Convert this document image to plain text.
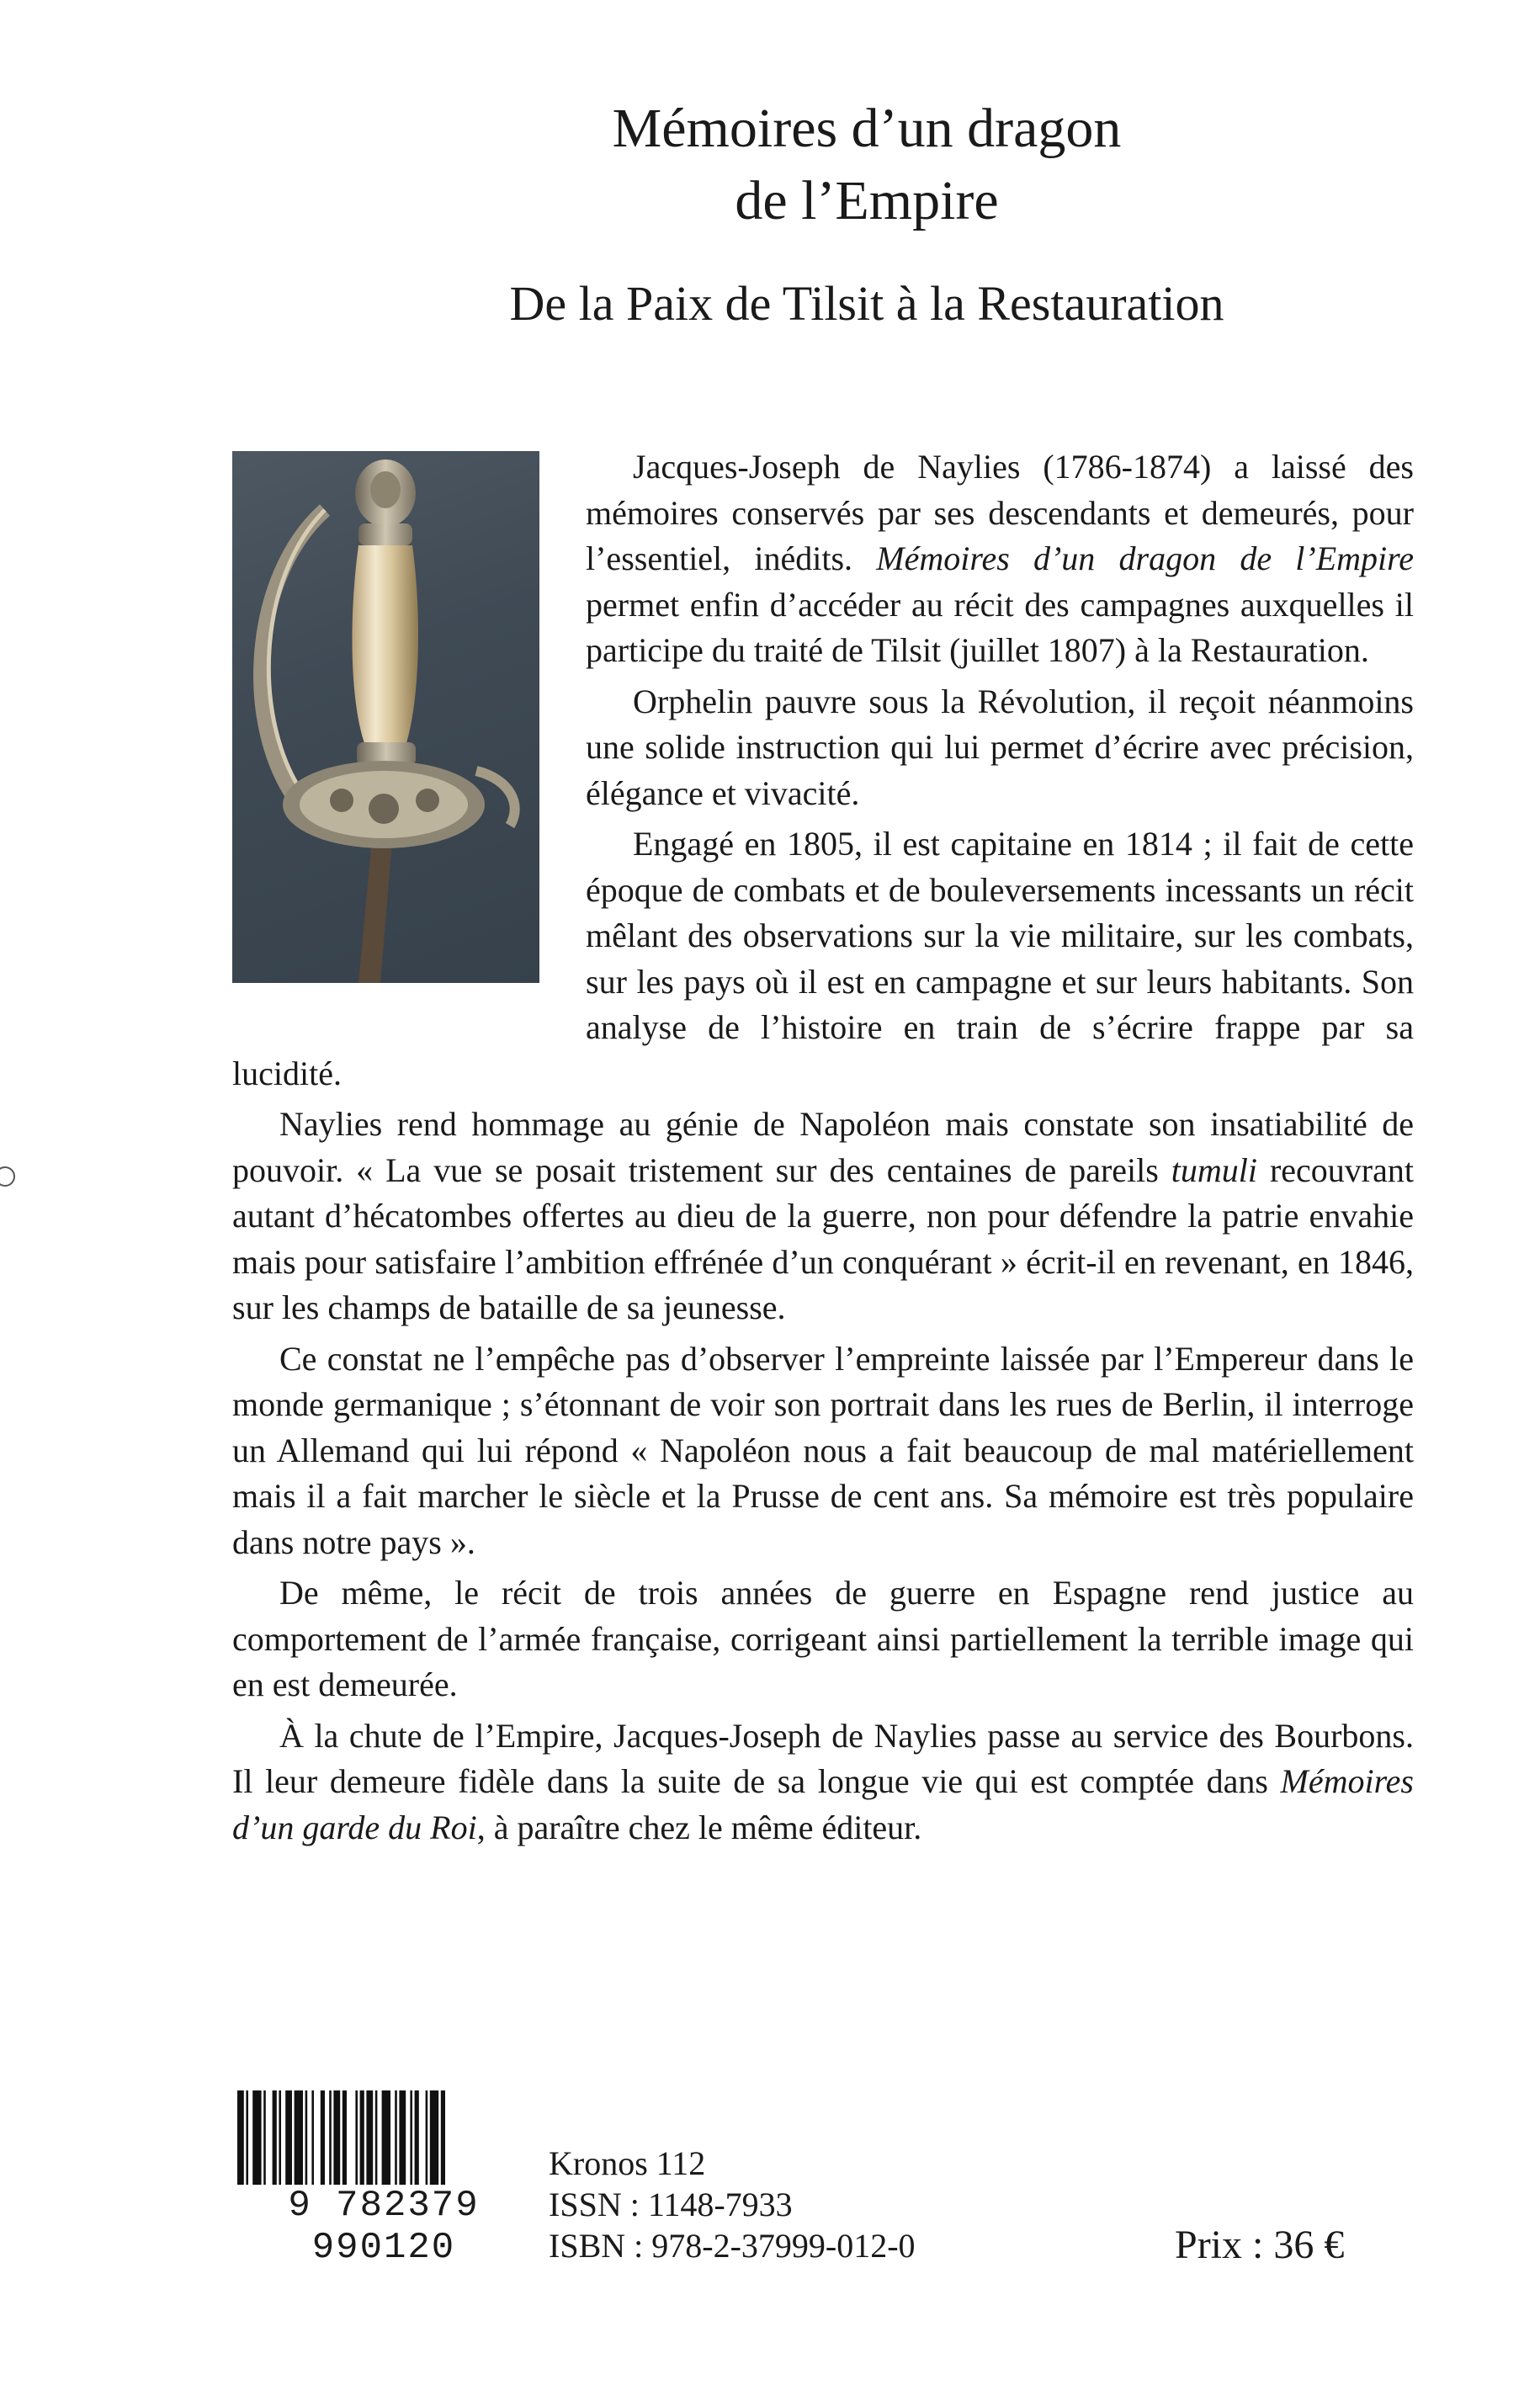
Mémoires d’un dragon
de l’Empire
De la Paix de Tilsit à la Restauration

Jacques-Joseph de Naylies (1786-1874) a laissé des mémoires conservés par ses descendants et demeurés, pour l’essentiel, inédits. Mémoires d’un dragon de l’Empire permet enfin d’accéder au récit des campagnes auxquelles il participe du traité de Tilsit (juillet 1807) à la Restauration.

Orphelin pauvre sous la Révolution, il reçoit néanmoins une solide instruction qui lui permet d’écrire avec précision, élégance et vivacité.

Engagé en 1805, il est capitaine en 1814 ; il fait de cette époque de combats et de bouleversements incessants un récit mêlant des observations sur la vie militaire, sur les combats, sur les pays où il est en campagne et sur leurs habitants. Son analyse de l’histoire en train de s’écrire frappe par sa lucidité.

Naylies rend hommage au génie de Napoléon mais constate son insatiabilité de pouvoir. « La vue se posait tristement sur des centaines de pareils tumuli recouvrant autant d’hécatombes offertes au dieu de la guerre, non pour défendre la patrie envahie mais pour satisfaire l’ambition effrénée d’un conquérant » écrit-il en revenant, en 1846, sur les champs de bataille de sa jeunesse.

Ce constat ne l’empêche pas d’observer l’empreinte laissée par l’Empereur dans le monde germanique ; s’étonnant de voir son portrait dans les rues de Berlin, il interroge un Allemand qui lui répond « Napoléon nous a fait beaucoup de mal matériellement mais il a fait marcher le siècle et la Prusse de cent ans. Sa mémoire est très populaire dans notre pays ».

De même, le récit de trois années de guerre en Espagne rend justice au comportement de l’armée française, corrigeant ainsi partiellement la terrible image qui en est demeurée.

À la chute de l’Empire, Jacques-Joseph de Naylies passe au service des Bourbons. Il leur demeure fidèle dans la suite de sa longue vie qui est comptée dans Mémoires d’un garde du Roi, à paraître chez le même éditeur.

9 782379 990120
Kronos 112
ISSN : 1148-7933
ISBN : 978-2-37999-012-0	Prix : 36 €
